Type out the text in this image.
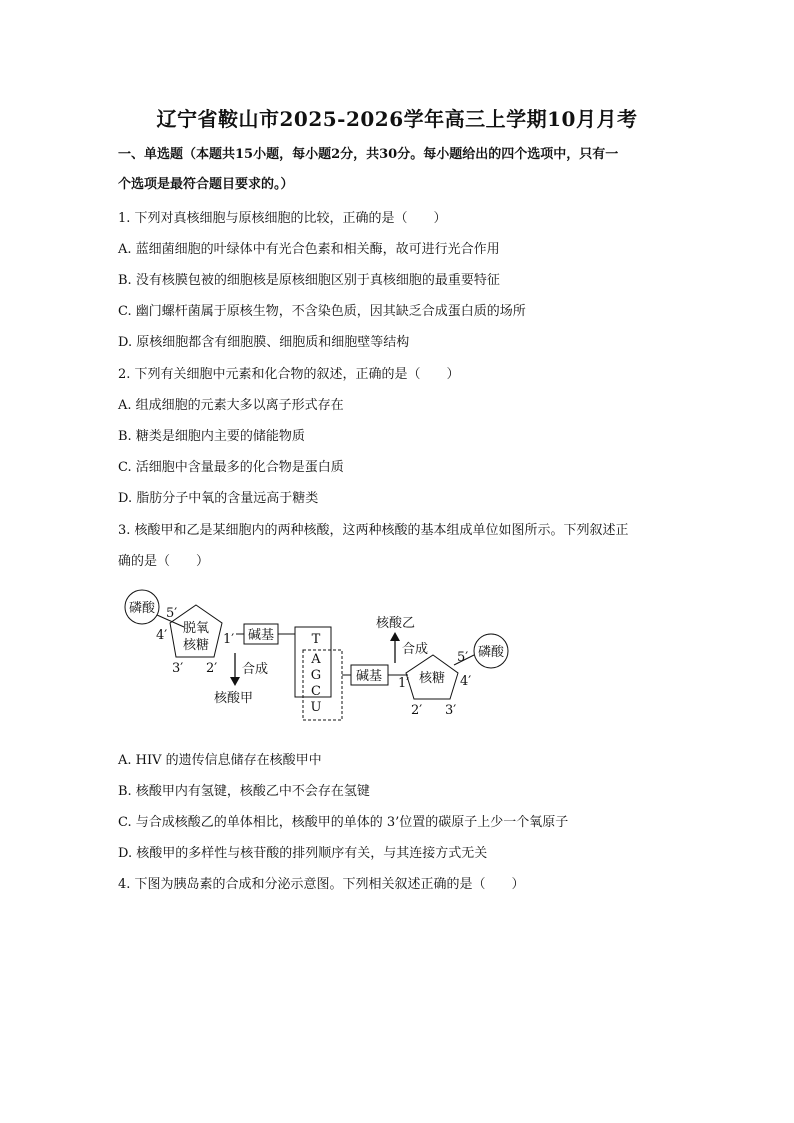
辽宁省鞍山市2025-2026学年高三上学期10月月考
一、单选题（本题共15小题，每小题2分，共30分。每小题给出的四个选项中，只有一
个选项是最符合题目要求的。）
1. 下列对真核细胞与原核细胞的比较，正确的是（　　）
A. 蓝细菌细胞的叶绿体中有光合色素和相关酶，故可进行光合作用
B. 没有核膜包被的细胞核是原核细胞区别于真核细胞的最重要特征
C. 幽门螺杆菌属于原核生物，不含染色质，因其缺乏合成蛋白质的场所
D. 原核细胞都含有细胞膜、细胞质和细胞壁等结构
2. 下列有关细胞中元素和化合物的叙述，正确的是（　　）
A. 组成细胞的元素大多以离子形式存在
B. 糖类是细胞内主要的储能物质
C. 活细胞中含量最多的化合物是蛋白质
D. 脂肪分子中氧的含量远高于糖类
3. 核酸甲和乙是某细胞内的两种核酸，这两种核酸的基本组成单位如图所示。下列叙述正
确的是（　　）
磷酸
脱氧
核糖
5′
4′	1′
3′ 2′
碱基
合成
核酸甲
T
A
G
C
U
碱基	核糖
1′
2′ 3′
4′
5′ 磷酸
合成
核酸乙
A. HIV 的遗传信息储存在核酸甲中
B. 核酸甲内有氢键，核酸乙中不会存在氢键
C. 与合成核酸乙的单体相比，核酸甲的单体的 3’位置的碳原子上少一个氧原子
D. 核酸甲的多样性与核苷酸的排列顺序有关，与其连接方式无关
4. 下图为胰岛素的合成和分泌示意图。下列相关叙述正确的是（　　）
